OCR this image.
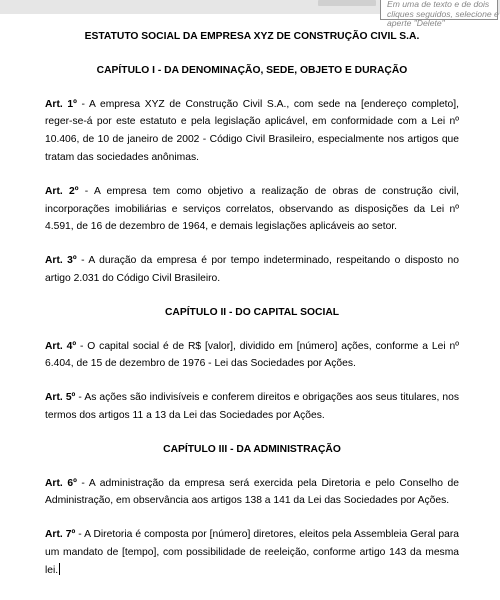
Em uma de texto e de dois
cliques seguidos, selecione e
aperte "Delete"
ESTATUTO SOCIAL DA EMPRESA XYZ DE CONSTRUÇÃO CIVIL S.A.
CAPÍTULO I - DA DENOMINAÇÃO, SEDE, OBJETO E DURAÇÃO

Art. 1º - A empresa XYZ de Construção Civil S.A., com sede na [endereço completo], reger-se-á por este estatuto e pela legislação aplicável, em conformidade com a Lei nº 10.406, de 10 de janeiro de 2002 - Código Civil Brasileiro, especialmente nos artigos que tratam das sociedades anônimas.

Art. 2º - A empresa tem como objetivo a realização de obras de construção civil, incorporações imobiliárias e serviços correlatos, observando as disposições da Lei nº 4.591, de 16 de dezembro de 1964, e demais legislações aplicáveis ao setor.

Art. 3º - A duração da empresa é por tempo indeterminado, respeitando o disposto no artigo 2.031 do Código Civil Brasileiro.

CAPÍTULO II - DO CAPITAL SOCIAL

Art. 4º - O capital social é de R$ [valor], dividido em [número] ações, conforme a Lei nº 6.404, de 15 de dezembro de 1976 - Lei das Sociedades por Ações.

Art. 5º - As ações são indivisíveis e conferem direitos e obrigações aos seus titulares, nos termos dos artigos 11 a 13 da Lei das Sociedades por Ações.

CAPÍTULO III - DA ADMINISTRAÇÃO

Art. 6º - A administração da empresa será exercida pela Diretoria e pelo Conselho de Administração, em observância aos artigos 138 a 141 da Lei das Sociedades por Ações.

Art. 7º - A Diretoria é composta por [número] diretores, eleitos pela Assembleia Geral para um mandato de [tempo], com possibilidade de reeleição, conforme artigo 143 da mesma lei.
